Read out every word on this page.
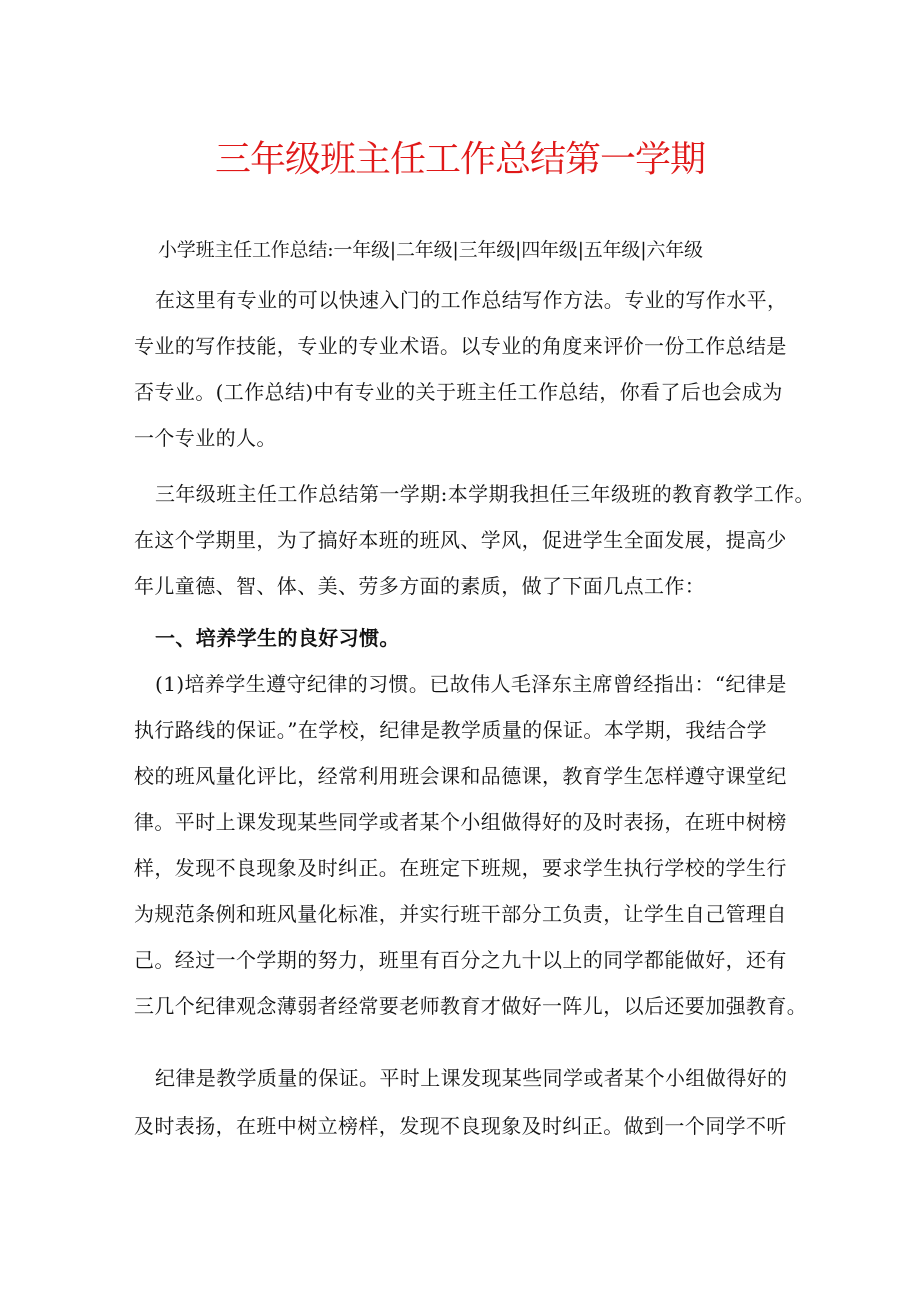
三年级班主任工作总结第一学期
小学班主任工作总结:一年级|二年级|三年级|四年级|五年级|六年级
在这里有专业的可以快速入门的工作总结写作方法。专业的写作水平，
专业的写作技能，专业的专业术语。以专业的角度来评价一份工作总结是
否专业。(工作总结)中有专业的关于班主任工作总结，你看了后也会成为
一个专业的人。
三年级班主任工作总结第一学期:本学期我担任三年级班的教育教学工作。
在这个学期里，为了搞好本班的班风、学风，促进学生全面发展，提高少
年儿童德、智、体、美、劳多方面的素质，做了下面几点工作：
一、培养学生的良好习惯。
(1)培养学生遵守纪律的习惯。已故伟人毛泽东主席曾经指出：“纪律是
执行路线的保证。”在学校，纪律是教学质量的保证。本学期，我结合学
校的班风量化评比，经常利用班会课和品德课，教育学生怎样遵守课堂纪
律。平时上课发现某些同学或者某个小组做得好的及时表扬，在班中树榜
样，发现不良现象及时纠正。在班定下班规，要求学生执行学校的学生行
为规范条例和班风量化标准，并实行班干部分工负责，让学生自己管理自
己。经过一个学期的努力，班里有百分之九十以上的同学都能做好，还有
三几个纪律观念薄弱者经常要老师教育才做好一阵儿，以后还要加强教育。
纪律是教学质量的保证。平时上课发现某些同学或者某个小组做得好的
及时表扬，在班中树立榜样，发现不良现象及时纠正。做到一个同学不听
